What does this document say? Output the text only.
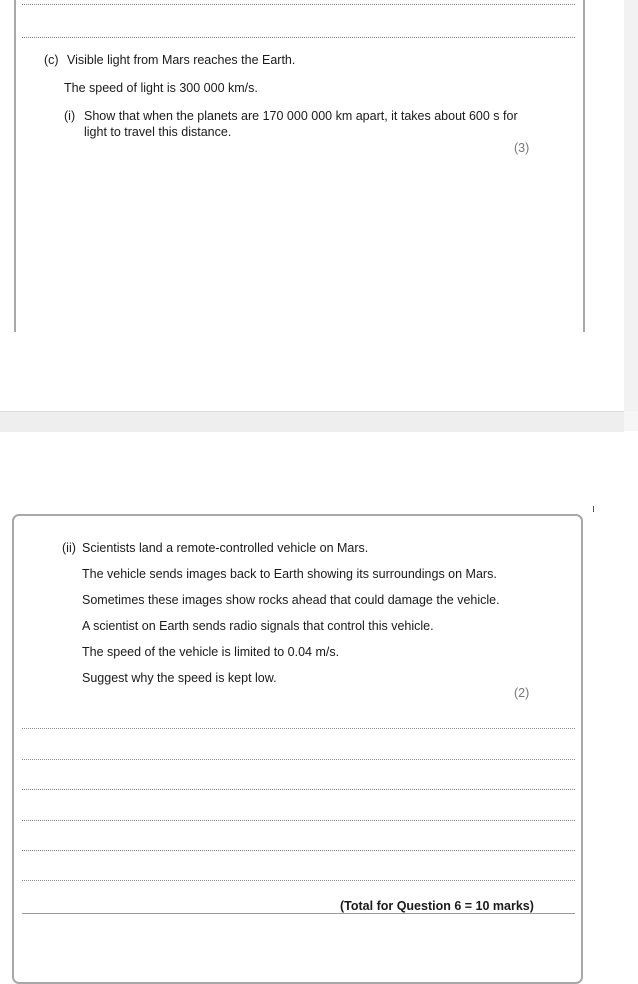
(c) Visible light from Mars reaches the Earth.
The speed of light is 300 000 km/s.
(i) Show that when the planets are 170 000 000 km apart, it takes about 600 s for
light to travel this distance.
(3)
(ii) Scientists land a remote-controlled vehicle on Mars.
The vehicle sends images back to Earth showing its surroundings on Mars.
Sometimes these images show rocks ahead that could damage the vehicle.
A scientist on Earth sends radio signals that control this vehicle.
The speed of the vehicle is limited to 0.04 m/s.
Suggest why the speed is kept low.
(2)
(Total for Question 6 = 10 marks)
